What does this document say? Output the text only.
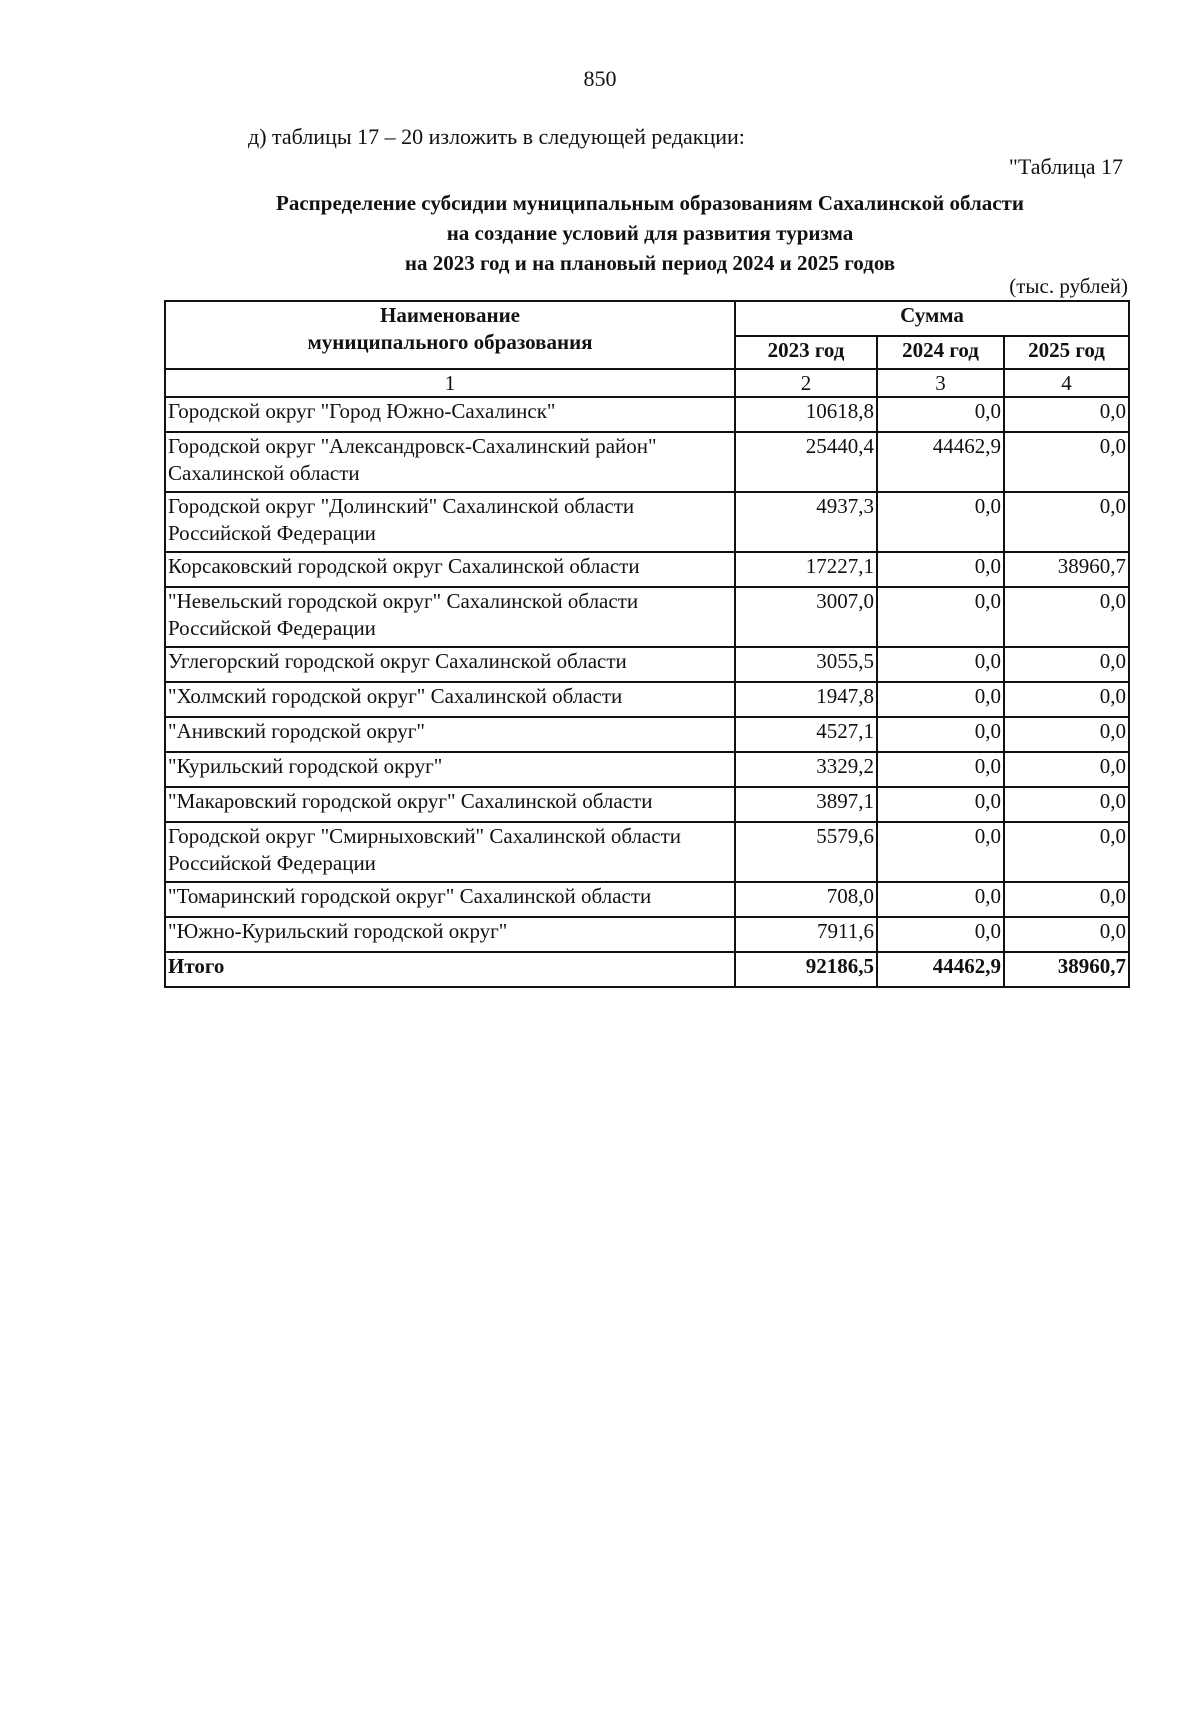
850
д) таблицы 17 – 20 изложить в следующей редакции:
"Таблица 17
Распределение субсидии муниципальным образованиям Сахалинской области
на создание условий для развития туризма
на 2023 год и на плановый период 2024 и 2025 годов
(тыс. рублей)
Наименование
муниципального образования	Сумма		
	2023 год	2024 год	2025 год
1	2	3	4
Городской округ "Город Южно-Сахалинск"	10618,8	0,0	0,0
Городской округ "Александровск-Сахалинский район" Сахалинской области	25440,4	44462,9	0,0
Городской округ "Долинский" Сахалинской области Российской Федерации	4937,3	0,0	0,0
Корсаковский городской округ Сахалинской области	17227,1	0,0	38960,7
"Невельский городской округ" Сахалинской области Российской Федерации	3007,0	0,0	0,0
Углегорский городской округ Сахалинской области	3055,5	0,0	0,0
"Холмский городской округ" Сахалинской области	1947,8	0,0	0,0
"Анивский городской округ"	4527,1	0,0	0,0
"Курильский городской округ"	3329,2	0,0	0,0
"Макаровский городской округ" Сахалинской области	3897,1	0,0	0,0
Городской округ "Смирныховский" Сахалинской области Российской Федерации	5579,6	0,0	0,0
"Томаринский городской округ" Сахалинской области	708,0	0,0	0,0
"Южно-Курильский городской округ"	7911,6	0,0	0,0
Итого	92186,5	44462,9	38960,7
